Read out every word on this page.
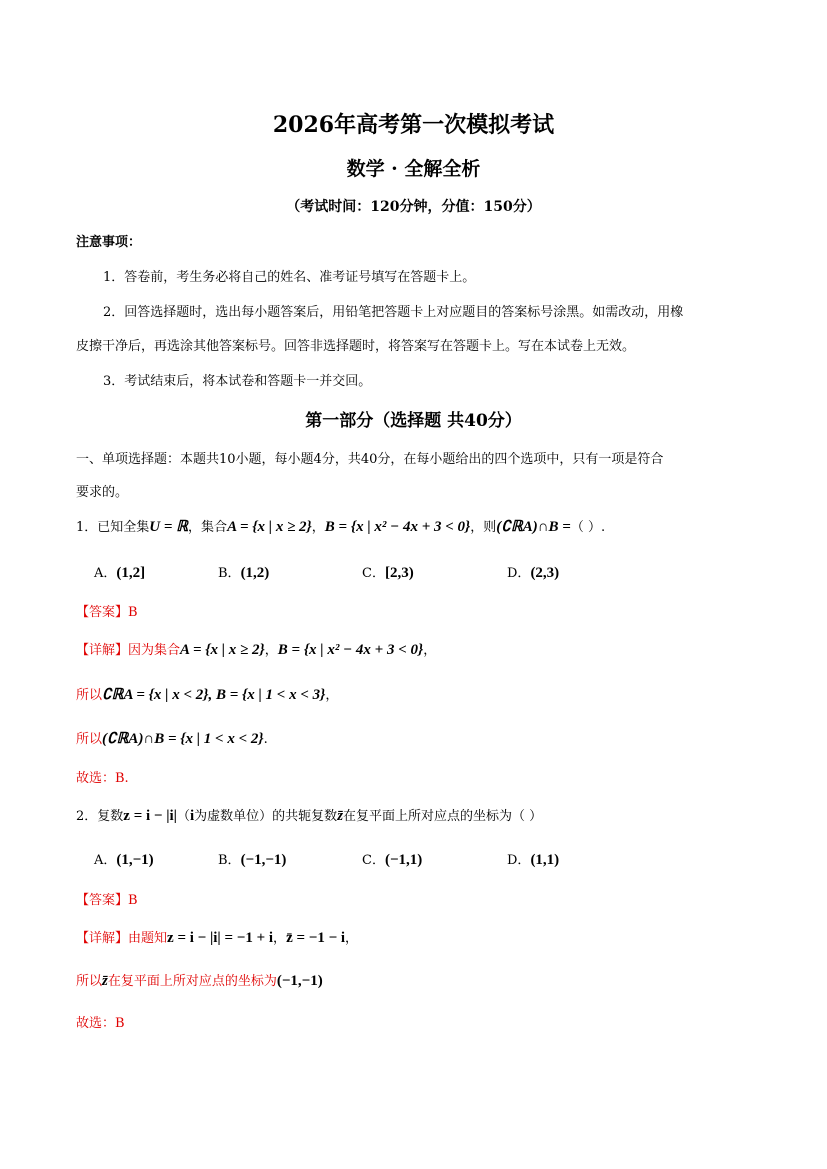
2026年高考第一次模拟考试
数学 · 全解全析
（考试时间：120分钟，分值：150分）
注意事项：
1．答卷前，考生务必将自己的姓名、准考证号填写在答题卡上。
2．回答选择题时，选出每小题答案后，用铅笔把答题卡上对应题目的答案标号涂黑。如需改动，用橡
皮擦干净后，再选涂其他答案标号。回答非选择题时，将答案写在答题卡上。写在本试卷上无效。
3．考试结束后，将本试卷和答题卡一并交回。
第一部分（选择题 共40分）
一、单项选择题：本题共10小题，每小题4分，共40分，在每小题给出的四个选项中，只有一项是符合
要求的。
1．已知全集U = ℝ，集合A = {x | x ≥ 2}，B = {x | x² − 4x + 3 < 0}，则(∁ℝA)∩B =（ ）.
A．(1,2]	B．(1,2)	C．[2,3)	D．(2,3)
【答案】B
【详解】因为集合A = {x | x ≥ 2}，B = {x | x² − 4x + 3 < 0}，
所以∁ℝA = {x | x < 2}, B = {x | 1 < x < 3}，
所以(∁ℝA)∩B = {x | 1 < x < 2}.
故选：B.
2．复数z = i − |i|（i为虚数单位）的共轭复数z̄在复平面上所对应点的坐标为（ ）
A．(1,−1)	B．(−1,−1)	C．(−1,1)	D．(1,1)
【答案】B
【详解】由题知z = i − |i| = −1 + i，z̄ = −1 − i，
所以z̄在复平面上所对应点的坐标为(−1,−1)
故选：B
